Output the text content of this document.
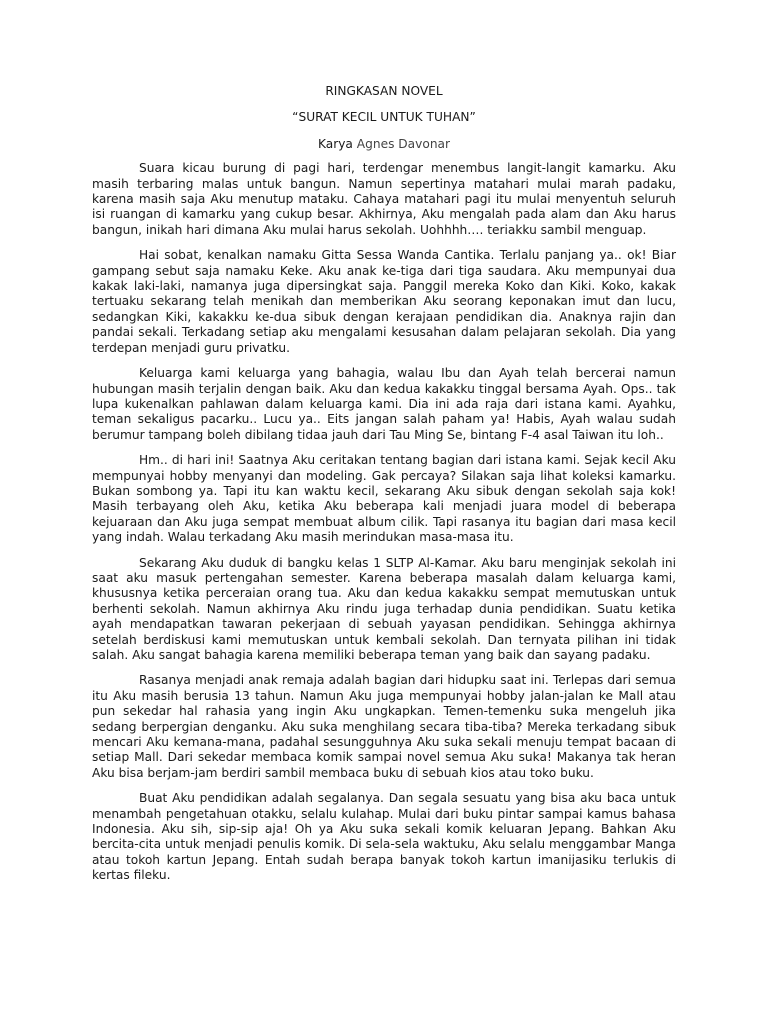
RINGKASAN NOVEL

“SURAT KECIL UNTUK TUHAN”

Karya Agnes Davonar

Suara kicau burung di pagi hari, terdengar menembus langit-langit kamarku. Aku masih terbaring malas untuk bangun. Namun sepertinya matahari mulai marah padaku, karena masih saja Aku menutup mataku. Cahaya matahari pagi itu mulai menyentuh seluruh isi ruangan di kamarku yang cukup besar. Akhirnya, Aku mengalah pada alam dan Aku harus bangun, inikah hari dimana Aku mulai harus sekolah. Uohhhh…. teriakku sambil menguap.

Hai sobat, kenalkan namaku Gitta Sessa Wanda Cantika. Terlalu panjang ya.. ok! Biar gampang sebut saja namaku Keke. Aku anak ke-tiga dari tiga saudara. Aku mempunyai dua kakak laki-laki, namanya juga dipersingkat saja. Panggil mereka Koko dan Kiki. Koko, kakak tertuaku sekarang telah menikah dan memberikan Aku seorang keponakan imut dan lucu, sedangkan Kiki, kakakku ke-dua sibuk dengan kerajaan pendidikan dia. Anaknya rajin dan pandai sekali. Terkadang setiap aku mengalami kesusahan dalam pelajaran sekolah. Dia yang terdepan menjadi guru privatku.

Keluarga kami keluarga yang bahagia, walau Ibu dan Ayah telah bercerai namun hubungan masih terjalin dengan baik. Aku dan kedua kakakku tinggal bersama Ayah. Ops.. tak lupa kukenalkan pahlawan dalam keluarga kami. Dia ini ada raja dari istana kami. Ayahku, teman sekaligus pacarku.. Lucu ya.. Eits jangan salah paham ya! Habis, Ayah walau sudah berumur tampang boleh dibilang tidaa jauh dari Tau Ming Se, bintang F-4 asal Taiwan itu loh..

Hm.. di hari ini! Saatnya Aku ceritakan tentang bagian dari istana kami. Sejak kecil Aku mempunyai hobby menyanyi dan modeling. Gak percaya? Silakan saja lihat koleksi kamarku. Bukan sombong ya. Tapi itu kan waktu kecil, sekarang Aku sibuk dengan sekolah saja kok! Masih terbayang oleh Aku, ketika Aku beberapa kali menjadi juara model di beberapa kejuaraan dan Aku juga sempat membuat album cilik. Tapi rasanya itu bagian dari masa kecil yang indah. Walau terkadang Aku masih merindukan masa-masa itu.

Sekarang Aku duduk di bangku kelas 1 SLTP Al-Kamar. Aku baru menginjak sekolah ini saat aku masuk pertengahan semester. Karena beberapa masalah dalam keluarga kami, khususnya ketika perceraian orang tua. Aku dan kedua kakakku sempat memutuskan untuk berhenti sekolah. Namun akhirnya Aku rindu juga terhadap dunia pendidikan. Suatu ketika ayah mendapatkan tawaran pekerjaan di sebuah yayasan pendidikan. Sehingga akhirnya setelah berdiskusi kami memutuskan untuk kembali sekolah. Dan ternyata pilihan ini tidak salah. Aku sangat bahagia karena memiliki beberapa teman yang baik dan sayang padaku.

Rasanya menjadi anak remaja adalah bagian dari hidupku saat ini. Terlepas dari semua itu Aku masih berusia 13 tahun. Namun Aku juga mempunyai hobby jalan-jalan ke Mall atau pun sekedar hal rahasia yang ingin Aku ungkapkan. Temen-temenku suka mengeluh jika sedang berpergian denganku. Aku suka menghilang secara tiba-tiba? Mereka terkadang sibuk mencari Aku kemana-mana, padahal sesungguhnya Aku suka sekali menuju tempat bacaan di setiap Mall. Dari sekedar membaca komik sampai novel semua Aku suka! Makanya tak heran Aku bisa berjam-jam berdiri sambil membaca buku di sebuah kios atau toko buku.

Buat Aku pendidikan adalah segalanya. Dan segala sesuatu yang bisa aku baca untuk menambah pengetahuan otakku, selalu kulahap. Mulai dari buku pintar sampai kamus bahasa Indonesia. Aku sih, sip-sip aja! Oh ya Aku suka sekali komik keluaran Jepang. Bahkan Aku bercita-cita untuk menjadi penulis komik. Di sela-sela waktuku, Aku selalu menggambar Manga atau tokoh kartun Jepang. Entah sudah berapa banyak tokoh kartun imanijasiku terlukis di kertas fileku.
